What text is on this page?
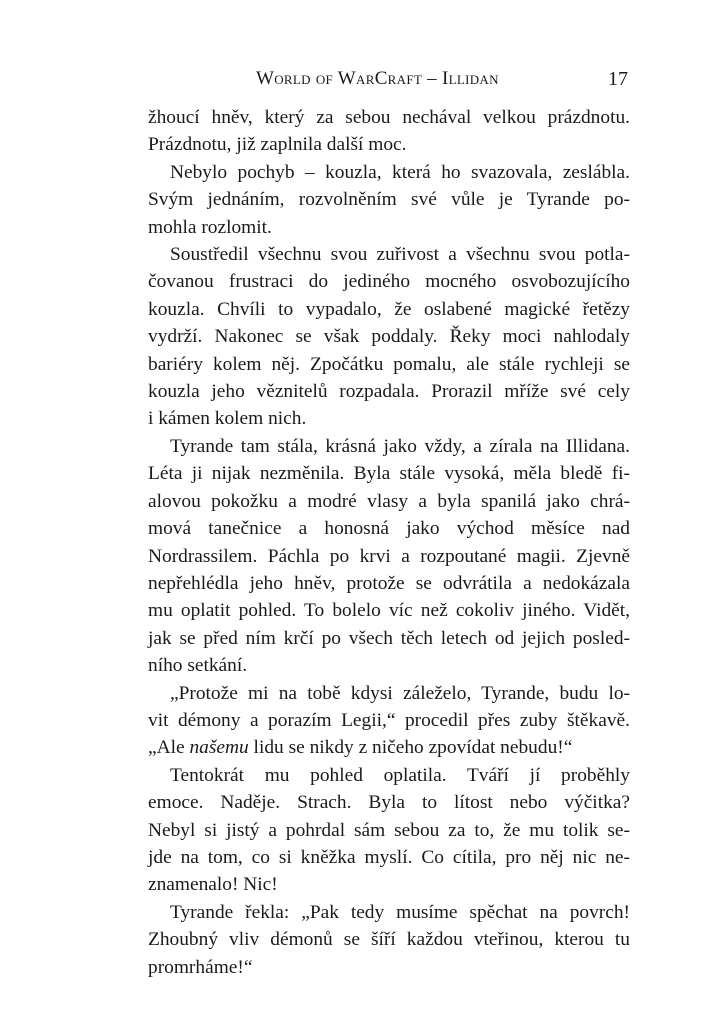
World of WarCraft – Illidan	17
žhoucí hněv, který za sebou nechával velkou prázdnotu.
Prázdnotu, již zaplnila další moc.
Nebylo pochyb – kouzla, která ho svazovala, zeslábla.
Svým jednáním, rozvolněním své vůle je Tyrande po-
mohla rozlomit.
Soustředil všechnu svou zuřivost a všechnu svou potla-
čovanou frustraci do jediného mocného osvobozujícího
kouzla. Chvíli to vypadalo, že oslabené magické řetězy
vydrží. Nakonec se však poddaly. Řeky moci nahlodaly
bariéry kolem něj. Zpočátku pomalu, ale stále rychleji se
kouzla jeho věznitelů rozpadala. Prorazil mříže své cely
i kámen kolem nich.
Tyrande tam stála, krásná jako vždy, a zírala na Illidana.
Léta ji nijak nezměnila. Byla stále vysoká, měla bledě fi-
alovou pokožku a modré vlasy a byla spanilá jako chrá-
mová tanečnice a honosná jako východ měsíce nad
Nordrassilem. Páchla po krvi a rozpoutané magii. Zjevně
nepřehlédla jeho hněv, protože se odvrátila a nedokázala
mu oplatit pohled. To bolelo víc než cokoliv jiného. Vidět,
jak se před ním krčí po všech těch letech od jejich posled-
ního setkání.
„Protože mi na tobě kdysi záleželo, Tyrande, budu lo-
vit démony a porazím Legii,“ procedil přes zuby štěkavě.
„Ale našemu lidu se nikdy z ničeho zpovídat nebudu!“
Tentokrát mu pohled oplatila. Tváří jí proběhly
emoce. Naděje. Strach. Byla to lítost nebo výčitka?
Nebyl si jistý a pohrdal sám sebou za to, že mu tolik se-
jde na tom, co si kněžka myslí. Co cítila, pro něj nic ne-
znamenalo! Nic!
Tyrande řekla: „Pak tedy musíme spěchat na povrch!
Zhoubný vliv démonů se šíří každou vteřinou, kterou tu
promrháme!“
